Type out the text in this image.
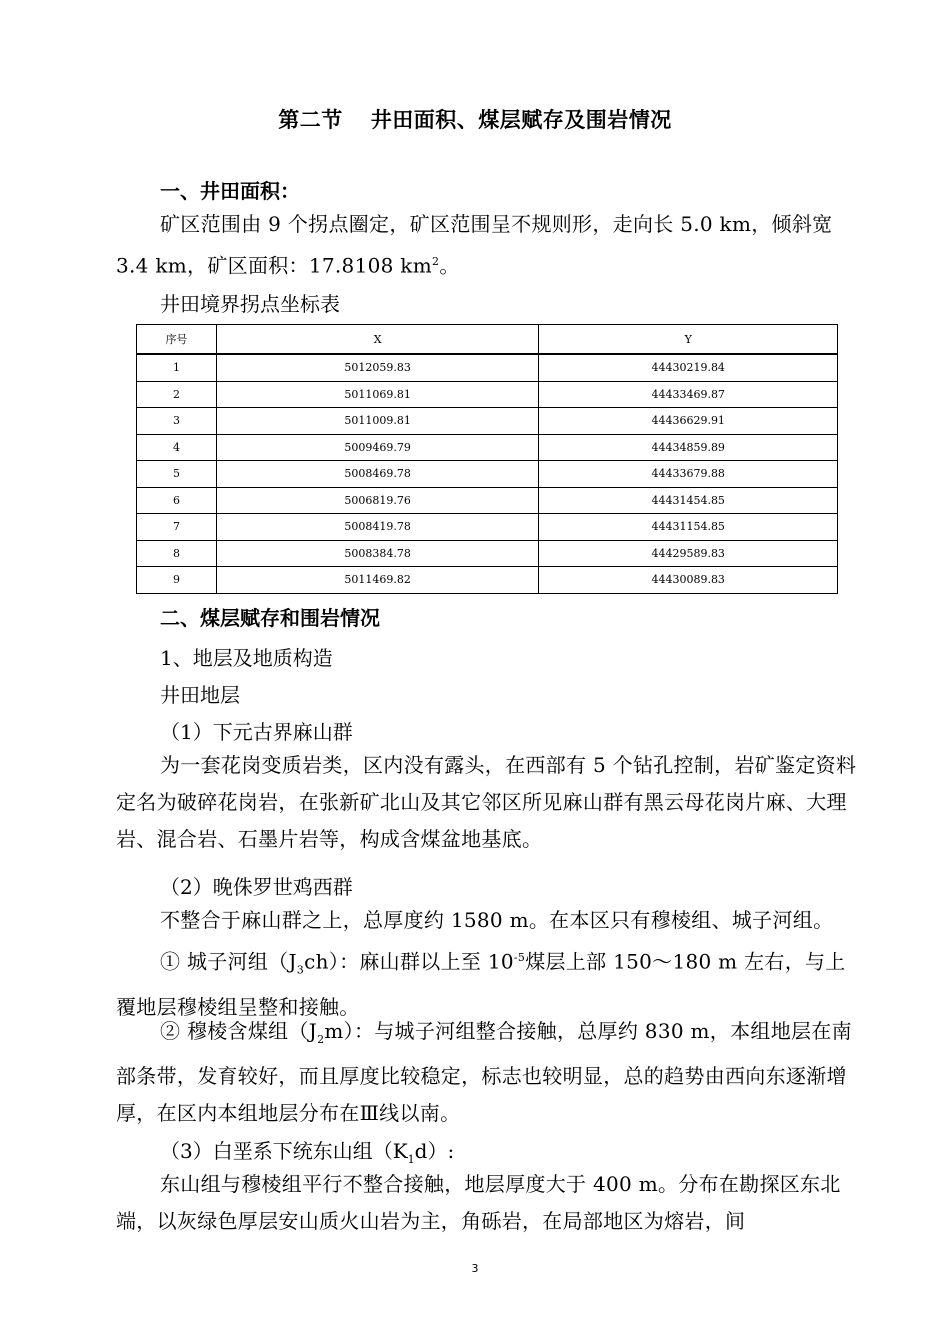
第二节 井田面积、煤层赋存及围岩情况
一、井田面积：

矿区范围由 9 个拐点圈定，矿区范围呈不规则形，走向长 5.0 km，倾斜宽 3.4 km，矿区面积：17.8108 $km^2$。

井田境界拐点坐标表
序号	X	Y
1	5012059.83	44430219.84
2	5011069.81	44433469.87
3	5011009.81	44436629.91
4	5009469.79	44434859.89
5	5008469.78	44433679.88
6	5006819.76	44431454.85
7	5008419.78	44431154.85
8	5008384.78	44429589.83
9	5011469.82	44430089.83
二、煤层赋存和围岩情况
1、地层及地质构造
井田地层
（1）下元古界麻山群

为一套花岗变质岩类，区内没有露头，在西部有 5 个钻孔控制，岩矿鉴定资料定名为破碎花岗岩，在张新矿北山及其它邻区所见麻山群有黑云母花岗片麻、大理岩、混合岩、石墨片岩等，构成含煤盆地基底。

（2）晚侏罗世鸡西群

不整合于麻山群之上，总厚度约 1580 m。在本区只有穆棱组、城子河组。

① 城子河组$(J_3ch)$：麻山群以上至 $10^{-5}$煤层上部 150～180 m 左右，与上覆地层穆棱组呈整和接触。

② 穆棱含煤组$(J_2m)$：与城子河组整合接触，总厚约 830 m，本组地层在南部条带，发育较好，而且厚度比较稳定，标志也较明显，总的趋势由西向东逐渐增厚，在区内本组地层分布在Ⅲ线以南。

（3）白垩系下统东山组$(K_1d)$:

东山组与穆棱组平行不整合接触，地层厚度大于 400 m。分布在勘探区东北端，以灰绿色厚层安山质火山岩为主，角砾岩，在局部地区为熔岩，间

3
